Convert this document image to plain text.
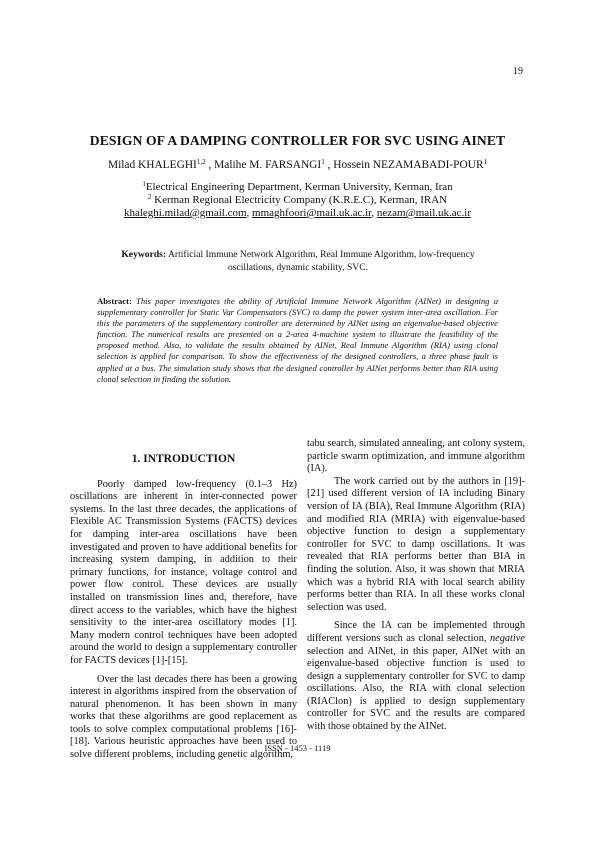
19
DESIGN OF A DAMPING CONTROLLER FOR SVC USING AINET
Milad KHALEGHI$^{1,2}$ , Malihe M. FARSANGI$^1$ , Hossein NEZAMABADI-POUR$^1$
$^1$Electrical Engineering Department, Kerman University, Kerman, Iran
$^2$ Kerman Regional Electricity Company (K.R.E.C), Kerman, IRAN
khaleghi.milad@gmail.com, mmaghfoori@mail.uk.ac.ir, nezam@mail.uk.ac.ir
Keywords: Artificial Immune Network Algorithm, Real Immune Algorithm, low-frequency oscillations, dynamic stability, SVC.
Abstract: This paper investigates the ability of Artificial Immune Network Algorithm (AINet) in designing a supplementary controller for Static Var Compensators (SVC) to damp the power system inter-area oscillation. For this the parameters of the supplementary controller are determined by AINet using an eigenvalue-based objective function. The numerical results are presented on a 2-area 4-machine system to illustrate the feasibility of the proposed method. Also, to validate the results obtained by AINet, Real Immune Algorithm (RIA) using clonal selection is applied for comparison. To show the effectiveness of the designed controllers, a three phase fault is applied at a bus. The simulation study shows that the designed controller by AINet performs better than RIA using clonal selection in finding the solution.
1. INTRODUCTION

Poorly damped low-frequency (0.1–3 Hz) oscillations are inherent in inter-connected power systems. In the last three decades, the applications of Flexible AC Transmission Systems (FACTS) devices for damping inter-area oscillations have been investigated and proven to have additional benefits for increasing system damping, in addition to their primary functions, for instance, voltage control and power flow control. These devices are usually installed on transmission lines and, therefore, have direct access to the variables, which have the highest sensitivity to the inter-area oscillatory modes [1]. Many modern control techniques have been adopted around the world to design a supplementary controller for FACTS devices [1]-[15].

Over the last decades there has been a growing interest in algorithms inspired from the observation of natural phenomenon. It has been shown in many works that these algorithms are good replacement as tools to solve complex computational problems [16]-[18]. Various heuristic approaches have been used to solve different problems, including genetic algorithm,

tabu search, simulated annealing, ant colony system, particle swarm optimization, and immune algorithm (IA).

The work carried out by the authors in [19]-[21] used different version of IA including Binary version of IA (BIA), Real Immune Algorithm (RIA) and modified RIA (MRIA) with eigenvalue-based objective function to design a supplementary controller for SVC to damp oscillations. It was revealed that RIA performs better than BIA in finding the solution. Also, it was shown that MRIA which was a hybrid RIA with local search ability performs better than RIA. In all these works clonal selection was used.

Since the IA can be implemented through different versions such as clonal selection, negative selection and AINet, in this paper, AINet with an eigenvalue-based objective function is used to design a supplementary controller for SVC to damp oscillations. Also, the RIA with clonal selection (RIAClon) is applied to design supplementary controller for SVC and the results are compared with those obtained by the AINet.

ISSN - 1453 - 1119
